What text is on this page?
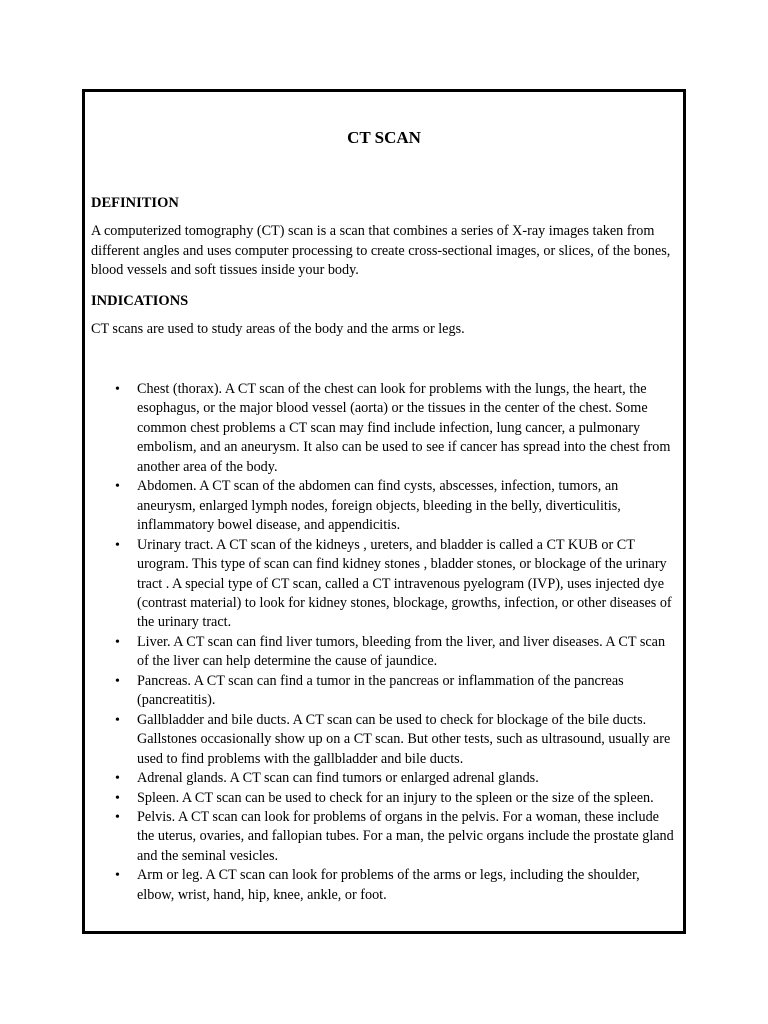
CT SCAN
DEFINITION
A computerized tomography (CT) scan is a scan that combines a series of X-ray images taken from different angles and uses computer processing to create cross-sectional images, or slices, of the bones, blood vessels and soft tissues inside your body.
INDICATIONS
CT scans are used to study areas of the body and the arms or legs.
• Chest (thorax). A CT scan of the chest can look for problems with the lungs, the heart, the esophagus, or the major blood vessel (aorta) or the tissues in the center of the chest. Some common chest problems a CT scan may find include infection, lung cancer, a pulmonary embolism, and an aneurysm. It also can be used to see if cancer has spread into the chest from another area of the body.
• Abdomen. A CT scan of the abdomen can find cysts, abscesses, infection, tumors, an aneurysm, enlarged lymph nodes, foreign objects, bleeding in the belly, diverticulitis, inflammatory bowel disease, and appendicitis.
• Urinary tract. A CT scan of the kidneys , ureters, and bladder is called a CT KUB or CT urogram. This type of scan can find kidney stones , bladder stones, or blockage of the urinary tract . A special type of CT scan, called a CT intravenous pyelogram (IVP), uses injected dye (contrast material) to look for kidney stones, blockage, growths, infection, or other diseases of the urinary tract.
• Liver. A CT scan can find liver tumors, bleeding from the liver, and liver diseases. A CT scan of the liver can help determine the cause of jaundice.
• Pancreas. A CT scan can find a tumor in the pancreas or inflammation of the pancreas (pancreatitis).
• Gallbladder and bile ducts. A CT scan can be used to check for blockage of the bile ducts. Gallstones occasionally show up on a CT scan. But other tests, such as ultrasound, usually are used to find problems with the gallbladder and bile ducts.
• Adrenal glands. A CT scan can find tumors or enlarged adrenal glands.
• Spleen. A CT scan can be used to check for an injury to the spleen or the size of the spleen.
• Pelvis. A CT scan can look for problems of organs in the pelvis. For a woman, these include the uterus, ovaries, and fallopian tubes. For a man, the pelvic organs include the prostate gland and the seminal vesicles.
• Arm or leg. A CT scan can look for problems of the arms or legs, including the shoulder, elbow, wrist, hand, hip, knee, ankle, or foot.
